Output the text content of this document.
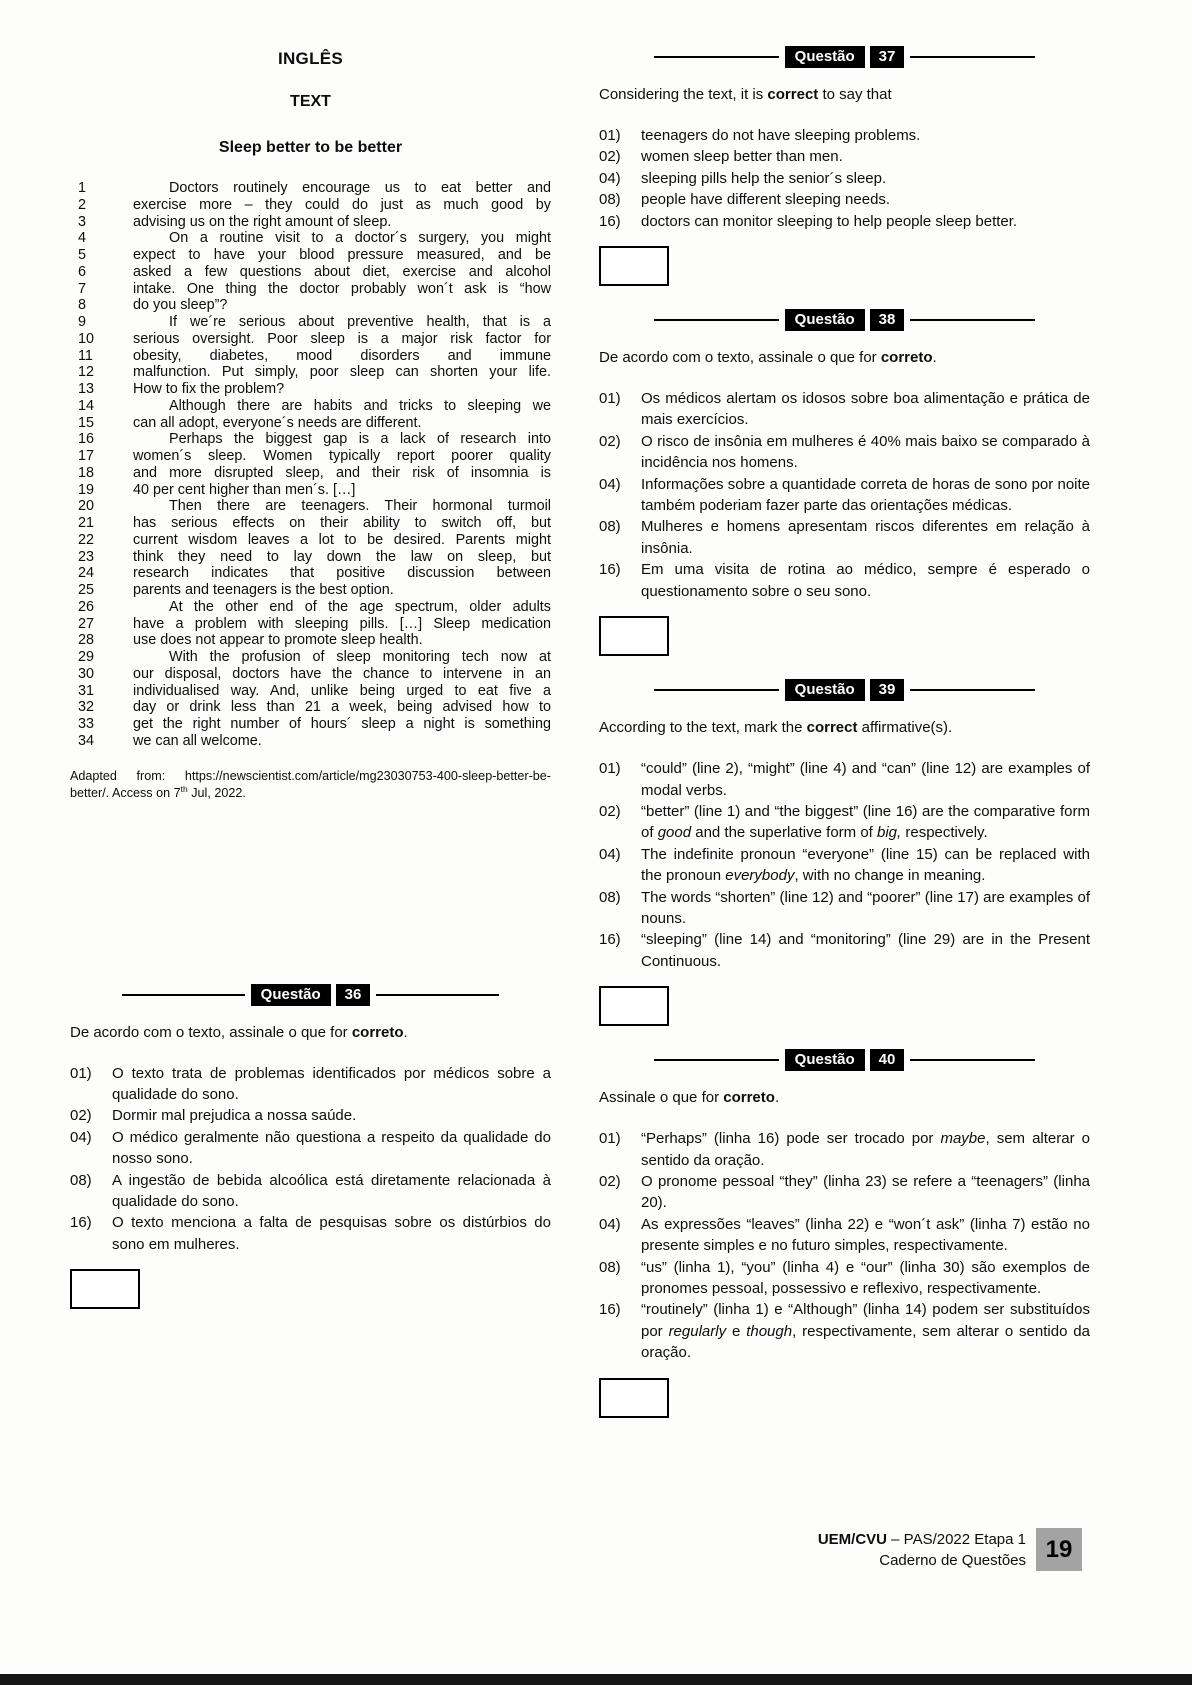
INGLÊS
TEXT
Sleep better to be better
1	Doctors routinely encourage us to eat better and
2	exercise more – they could do just as much good by
3	advising us on the right amount of sleep.
4	On a routine visit to a doctor´s surgery, you might
5	expect to have your blood pressure measured, and be
6	asked a few questions about diet, exercise and alcohol
7	intake. One thing the doctor probably won´t ask is “how
8	do you sleep”?
9	If we´re serious about preventive health, that is a
10	serious oversight. Poor sleep is a major risk factor for
11	obesity, diabetes, mood disorders and immune
12	malfunction. Put simply, poor sleep can shorten your life.
13	How to fix the problem?
14	Although there are habits and tricks to sleeping we
15	can all adopt, everyone´s needs are different.
16	Perhaps the biggest gap is a lack of research into
17	women´s sleep. Women typically report poorer quality
18	and more disrupted sleep, and their risk of insomnia is
19	40 per cent higher than men´s. […]
20	Then there are teenagers. Their hormonal turmoil
21	has serious effects on their ability to switch off, but
22	current wisdom leaves a lot to be desired. Parents might
23	think they need to lay down the law on sleep, but
24	research indicates that positive discussion between
25	parents and teenagers is the best option.
26	At the other end of the age spectrum, older adults
27	have a problem with sleeping pills. […] Sleep medication
28	use does not appear to promote sleep health.
29	With the profusion of sleep monitoring tech now at
30	our disposal, doctors have the chance to intervene in an
31	individualised way. And, unlike being urged to eat five a
32	day or drink less than 21 a week, being advised how to
33	get the right number of hours´ sleep a night is something
34	we can all welcome.

Adapted from: https://newscientist.com/article/mg23030753-400-sleep-better-be-better/. Access on 7th Jul, 2022.

Questão	36

De acordo com o texto, assinale o que for correto.

01)	O texto trata de problemas identificados por médicos sobre a qualidade do sono.
02)	Dormir mal prejudica a nossa saúde.
04)	O médico geralmente não questiona a respeito da qualidade do nosso sono.
08)	A ingestão de bebida alcoólica está diretamente relacionada à qualidade do sono.
16)	O texto menciona a falta de pesquisas sobre os distúrbios do sono em mulheres.
Questão	37

Considering the text, it is correct to say that

01)	teenagers do not have sleeping problems.
02)	women sleep better than men.
04)	sleeping pills help the senior´s sleep.
08)	people have different sleeping needs.
16)	doctors can monitor sleeping to help people sleep better.
Questão	38

De acordo com o texto, assinale o que for correto.

01)	Os médicos alertam os idosos sobre boa alimentação e prática de mais exercícios.
02)	O risco de insônia em mulheres é 40% mais baixo se comparado à incidência nos homens.
04)	Informações sobre a quantidade correta de horas de sono por noite também poderiam fazer parte das orientações médicas.
08)	Mulheres e homens apresentam riscos diferentes em relação à insônia.
16)	Em uma visita de rotina ao médico, sempre é esperado o questionamento sobre o seu sono.
Questão	39

According to the text, mark the correct affirmative(s).

01)	“could” (line 2), “might” (line 4) and “can” (line 12) are examples of modal verbs.
02)	“better” (line 1) and “the biggest” (line 16) are the comparative form of good and the superlative form of big, respectively.
04)	The indefinite pronoun “everyone” (line 15) can be replaced with the pronoun everybody, with no change in meaning.
08)	The words “shorten” (line 12) and “poorer” (line 17) are examples of nouns.
16)	“sleeping” (line 14) and “monitoring” (line 29) are in the Present Continuous.
Questão	40

Assinale o que for correto.

01)	“Perhaps” (linha 16) pode ser trocado por maybe, sem alterar o sentido da oração.
02)	O pronome pessoal “they” (linha 23) se refere a “teenagers” (linha 20).
04)	As expressões “leaves” (linha 22) e “won´t ask” (linha 7) estão no presente simples e no futuro simples, respectivamente.
08)	“us” (linha 1), “you” (linha 4) e “our” (linha 30) são exemplos de pronomes pessoal, possessivo e reflexivo, respectivamente.
16)	“routinely” (linha 1) e “Although” (linha 14) podem ser substituídos por regularly e though, respectivamente, sem alterar o sentido da oração.
UEM/CVU – PAS/2022 Etapa 1
Caderno de Questões 19
